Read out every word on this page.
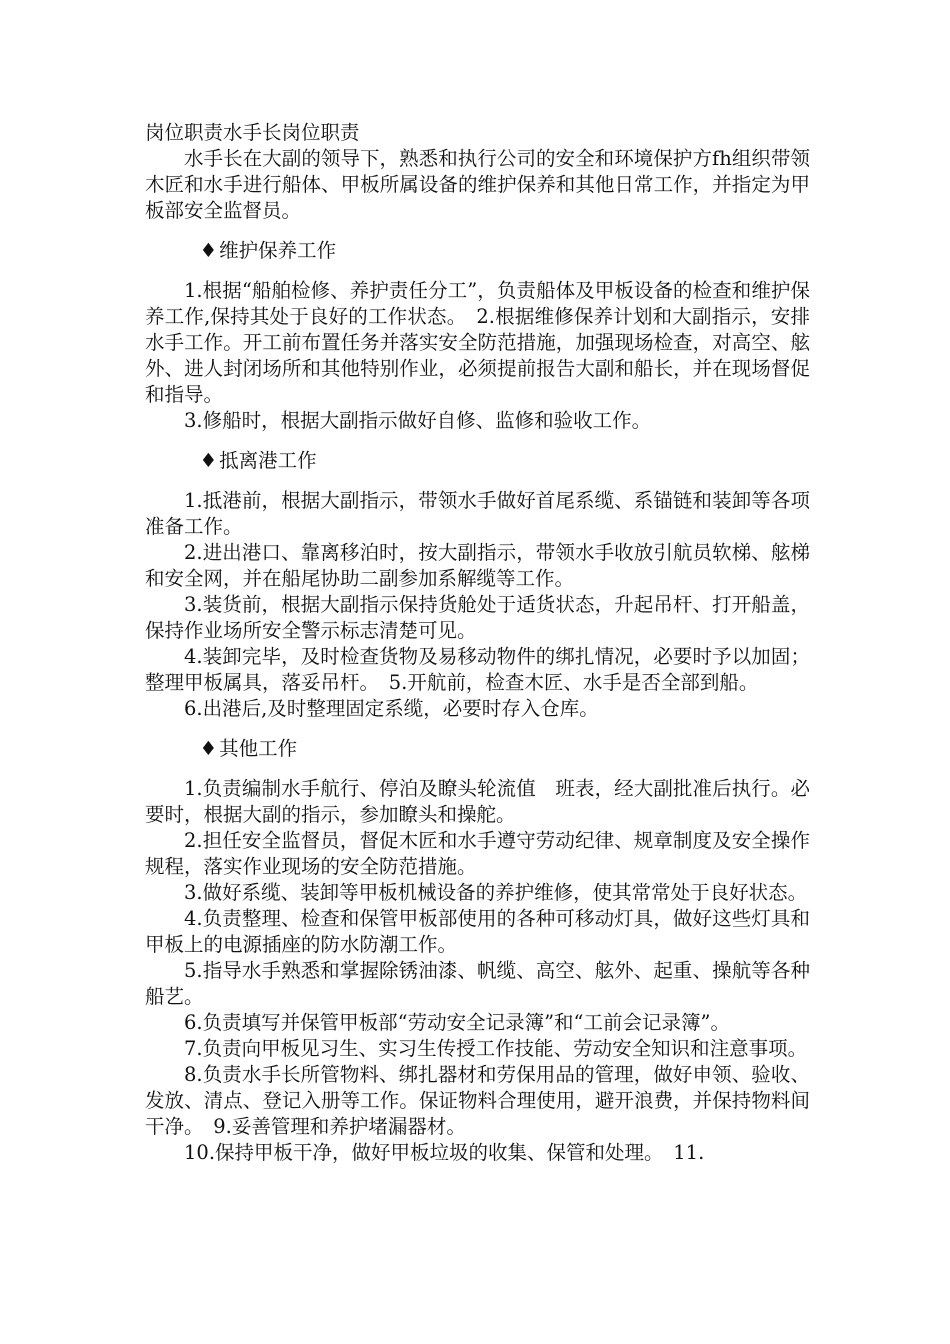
岗位职责水手长岗位职责

水手长在大副的领导下，熟悉和执行公司的安全和环境保护方fh组织带领木匠和水手进行船体、甲板所属设备的维护保养和其他日常工作，并指定为甲板部安全监督员。

♦ 维护保养工作

1.根据“船舶检修、养护责任分工”，负责船体及甲板设备的检查和维护保养工作,保持其处于良好的工作状态。　2.根据维修保养计划和大副指示，安排水手工作。开工前布置任务并落实安全防范措施，加强现场检查，对高空、舷外、进人封闭场所和其他特别作业，必须提前报告大副和船长，并在现场督促和指导。

3.修船时，根据大副指示做好自修、监修和验收工作。

♦ 抵离港工作

1.抵港前，根据大副指示，带领水手做好首尾系缆、系锚链和装卸等各项准备工作。

2.进出港口、靠离移泊时，按大副指示，带领水手收放引航员软梯、舷梯和安全网，并在船尾协助二副参加系解缆等工作。

3.装货前，根据大副指示保持货舱处于适货状态，升起吊杆、打开船盖，保持作业场所安全警示标志清楚可见。

4.装卸完毕，及时检查货物及易移动物件的绑扎情况，必要时予以加固；整理甲板属具，落妥吊杆。　5.开航前，检查木匠、水手是否全部到船。

6.出港后,及时整理固定系缆，必要时存入仓库。

♦ 其他工作

1.负责编制水手航行、停泊及瞭头轮流值　班表，经大副批准后执行。必要时，根据大副的指示，参加瞭头和操舵。

2.担任安全监督员，督促木匠和水手遵守劳动纪律、规章制度及安全操作规程，落实作业现场的安全防范措施。

3.做好系缆、装卸等甲板机械设备的养护维修，使其常常处于良好状态。

4.负责整理、检查和保管甲板部使用的各种可移动灯具，做好这些灯具和甲板上的电源插座的防水防潮工作。

5.指导水手熟悉和掌握除锈油漆、帆缆、高空、舷外、起重、操航等各种船艺。

6.负责填写并保管甲板部“劳动安全记录簿”和“工前会记录簿”。

7.负责向甲板见习生、实习生传授工作技能、劳动安全知识和注意事项。

8.负责水手长所管物料、绑扎器材和劳保用品的管理，做好申领、验收、发放、清点、登记入册等工作。保证物料合理使用，避开浪费，并保持物料间干净。　9.妥善管理和养护堵漏器材。

10.保持甲板干净，做好甲板垃圾的收集、保管和处理。　11.
